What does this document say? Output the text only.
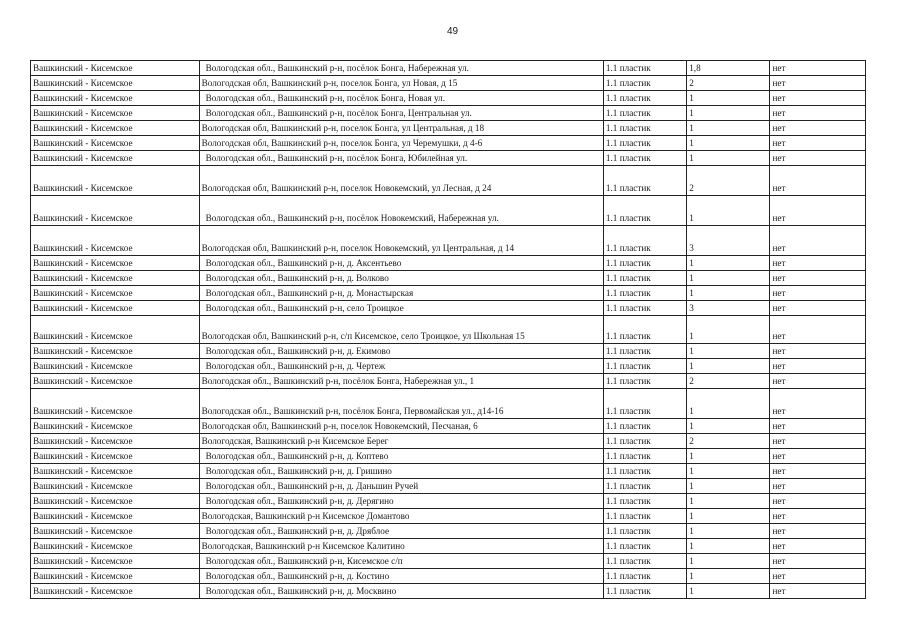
49
Вашкинский - Кисемское	Вологодская обл., Вашкинский р-н, посёлок Бонга, Набережная ул.	1.1 пластик	1,8	нет
Вашкинский - Кисемское	Вологодская обл, Вашкинский р-н, поселок Бонга, ул Новая, д 15	1.1 пластик	2	нет
Вашкинский - Кисемское	Вологодская обл., Вашкинский р-н, посёлок Бонга, Новая ул.	1.1 пластик	1	нет
Вашкинский - Кисемское	Вологодская обл., Вашкинский р-н, посёлок Бонга, Центральная ул.	1.1 пластик	1	нет
Вашкинский - Кисемское	Вологодская обл, Вашкинский р-н, поселок Бонга, ул Центральная, д 18	1.1 пластик	1	нет
Вашкинский - Кисемское	Вологодская обл, Вашкинский р-н, поселок Бонга, ул Черемушки, д 4-6	1.1 пластик	1	нет
Вашкинский - Кисемское	Вологодская обл., Вашкинский р-н, посёлок Бонга, Юбилейная ул.	1.1 пластик	1	нет
Вашкинский - Кисемское	Вологодская обл, Вашкинский р-н, поселок Новокемский, ул Лесная, д 24	1.1 пластик	2	нет
Вашкинский - Кисемское	Вологодская обл., Вашкинский р-н, посёлок Новокемский, Набережная ул.	1.1 пластик	1	нет
Вашкинский - Кисемское	Вологодская обл, Вашкинский р-н, поселок Новокемский, ул Центральная, д 14	1.1 пластик	3	нет
Вашкинский - Кисемское	Вологодская обл., Вашкинский р-н, д. Аксентьево	1.1 пластик	1	нет
Вашкинский - Кисемское	Вологодская обл., Вашкинский р-н, д. Волково	1.1 пластик	1	нет
Вашкинский - Кисемское	Вологодская обл., Вашкинский р-н, д. Монастырская	1.1 пластик	1	нет
Вашкинский - Кисемское	Вологодская обл., Вашкинский р-н, село Троицкое	1.1 пластик	3	нет
Вашкинский - Кисемское	Вологодская обл, Вашкинский р-н, с/п Кисемское, село Троицкое, ул Школьная 15	1.1 пластик	1	нет
Вашкинский - Кисемское	Вологодская обл., Вашкинский р-н, д. Екимово	1.1 пластик	1	нет
Вашкинский - Кисемское	Вологодская обл., Вашкинский р-н, д. Чертеж	1.1 пластик	1	нет
Вашкинский - Кисемское	Вологодская обл., Вашкинский р-н, посёлок Бонга, Набережная ул., 1	1.1 пластик	2	нет
Вашкинский - Кисемское	Вологодская обл., Вашкинский р-н, посёлок Бонга, Первомайская ул., д14-16	1.1 пластик	1	нет
Вашкинский - Кисемское	Вологодская обл, Вашкинский р-н, поселок Новокемский, Песчаная, 6	1.1 пластик	1	нет
Вашкинский - Кисемское	Вологодская, Вашкинский р-н Кисемское Берег	1.1 пластик	2	нет
Вашкинский - Кисемское	Вологодская обл., Вашкинский р-н, д. Коптево	1.1 пластик	1	нет
Вашкинский - Кисемское	Вологодская обл., Вашкинский р-н, д. Гришино	1.1 пластик	1	нет
Вашкинский - Кисемское	Вологодская обл., Вашкинский р-н, д. Даньшин Ручей	1.1 пластик	1	нет
Вашкинский - Кисемское	Вологодская обл., Вашкинский р-н, д. Дерягино	1.1 пластик	1	нет
Вашкинский - Кисемское	Вологодская, Вашкинский р-н Кисемское Домантово	1.1 пластик	1	нет
Вашкинский - Кисемское	Вологодская обл., Вашкинский р-н, д. Дряблое	1.1 пластик	1	нет
Вашкинский - Кисемское	Вологодская, Вашкинский р-н Кисемское Калитино	1.1 пластик	1	нет
Вашкинский - Кисемское	Вологодская обл., Вашкинский р-н, Кисемское с/п	1.1 пластик	1	нет
Вашкинский - Кисемское	Вологодская обл., Вашкинский р-н, д. Костино	1.1 пластик	1	нет
Вашкинский - Кисемское	Вологодская обл., Вашкинский р-н, д. Москвино	1.1 пластик	1	нет
